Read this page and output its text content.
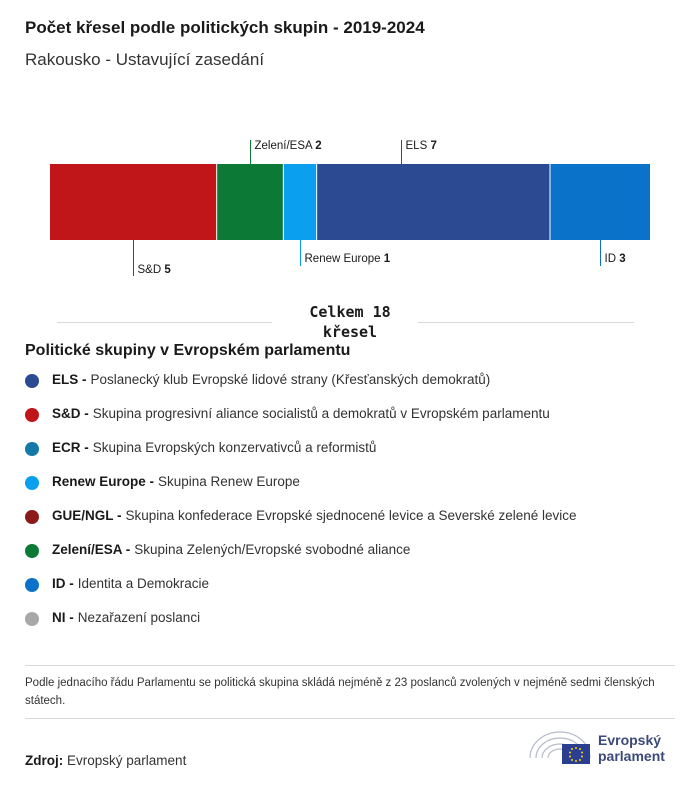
Počet křesel podle politických skupin - 2019-2024
Rakousko - Ustavující zasedání
S&D 5
Zelení/ESA 2
Renew Europe 1
ELS 7
ID 3
Celkem 18
křesel
Politické skupiny v Evropském parlamentu
ELS - Poslanecký klub Evropské lidové strany (Křesťanských demokratů)
S&D - Skupina progresivní aliance socialistů a demokratů v Evropském parlamentu
ECR - Skupina Evropských konzervativců a reformistů
Renew Europe - Skupina Renew Europe
GUE/NGL - Skupina konfederace Evropské sjednocené levice a Severské zelené levice
Zelení/ESA - Skupina Zelených/Evropské svobodné aliance
ID - Identita a Demokracie
NI - Nezařazení poslanci
Podle jednacího řádu Parlamentu se politická skupina skládá nejméně z 23 poslanců zvolených v nejméně sedmi členských státech.
Zdroj: Evropský parlament
Evropský
parlament
